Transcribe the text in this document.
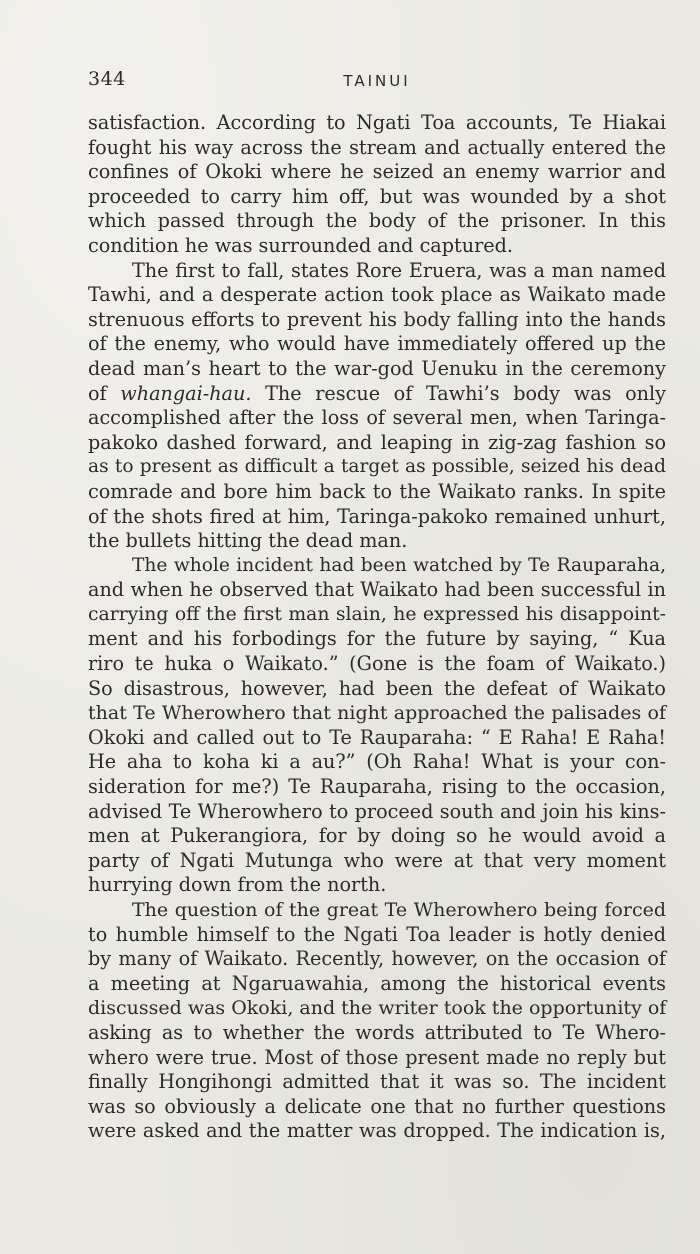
344	TAINUI
satisfaction. According to Ngati Toa accounts, Te Hiakai
fought his way across the stream and actually entered the
confines of Okoki where he seized an enemy warrior and
proceeded to carry him off, but was wounded by a shot
which passed through the body of the prisoner. In this
condition he was surrounded and captured.
The first to fall, states Rore Eruera, was a man named
Tawhi, and a desperate action took place as Waikato made
strenuous efforts to prevent his body falling into the hands
of the enemy, who would have immediately offered up the
dead man’s heart to the war-god Uenuku in the ceremony
of whangai-hau. The rescue of Tawhi’s body was only
accomplished after the loss of several men, when Taringa-
pakoko dashed forward, and leaping in zig-zag fashion so
as to present as difficult a target as possible, seized his dead
comrade and bore him back to the Waikato ranks. In spite
of the shots fired at him, Taringa-pakoko remained unhurt,
the bullets hitting the dead man.
The whole incident had been watched by Te Rauparaha,
and when he observed that Waikato had been successful in
carrying off the first man slain, he expressed his disappoint-
ment and his forbodings for the future by saying, “ Kua
riro te huka o Waikato.” (Gone is the foam of Waikato.)
So disastrous, however, had been the defeat of Waikato
that Te Wherowhero that night approached the palisades of
Okoki and called out to Te Rauparaha: “ E Raha! E Raha!
He aha to koha ki a au?” (Oh Raha! What is your con-
sideration for me?) Te Rauparaha, rising to the occasion,
advised Te Wherowhero to proceed south and join his kins-
men at Pukerangiora, for by doing so he would avoid a
party of Ngati Mutunga who were at that very moment
hurrying down from the north.
The question of the great Te Wherowhero being forced
to humble himself to the Ngati Toa leader is hotly denied
by many of Waikato. Recently, however, on the occasion of
a meeting at Ngaruawahia, among the historical events
discussed was Okoki, and the writer took the opportunity of
asking as to whether the words attributed to Te Whero-
whero were true. Most of those present made no reply but
finally Hongihongi admitted that it was so. The incident
was so obviously a delicate one that no further questions
were asked and the matter was dropped. The indication is,
